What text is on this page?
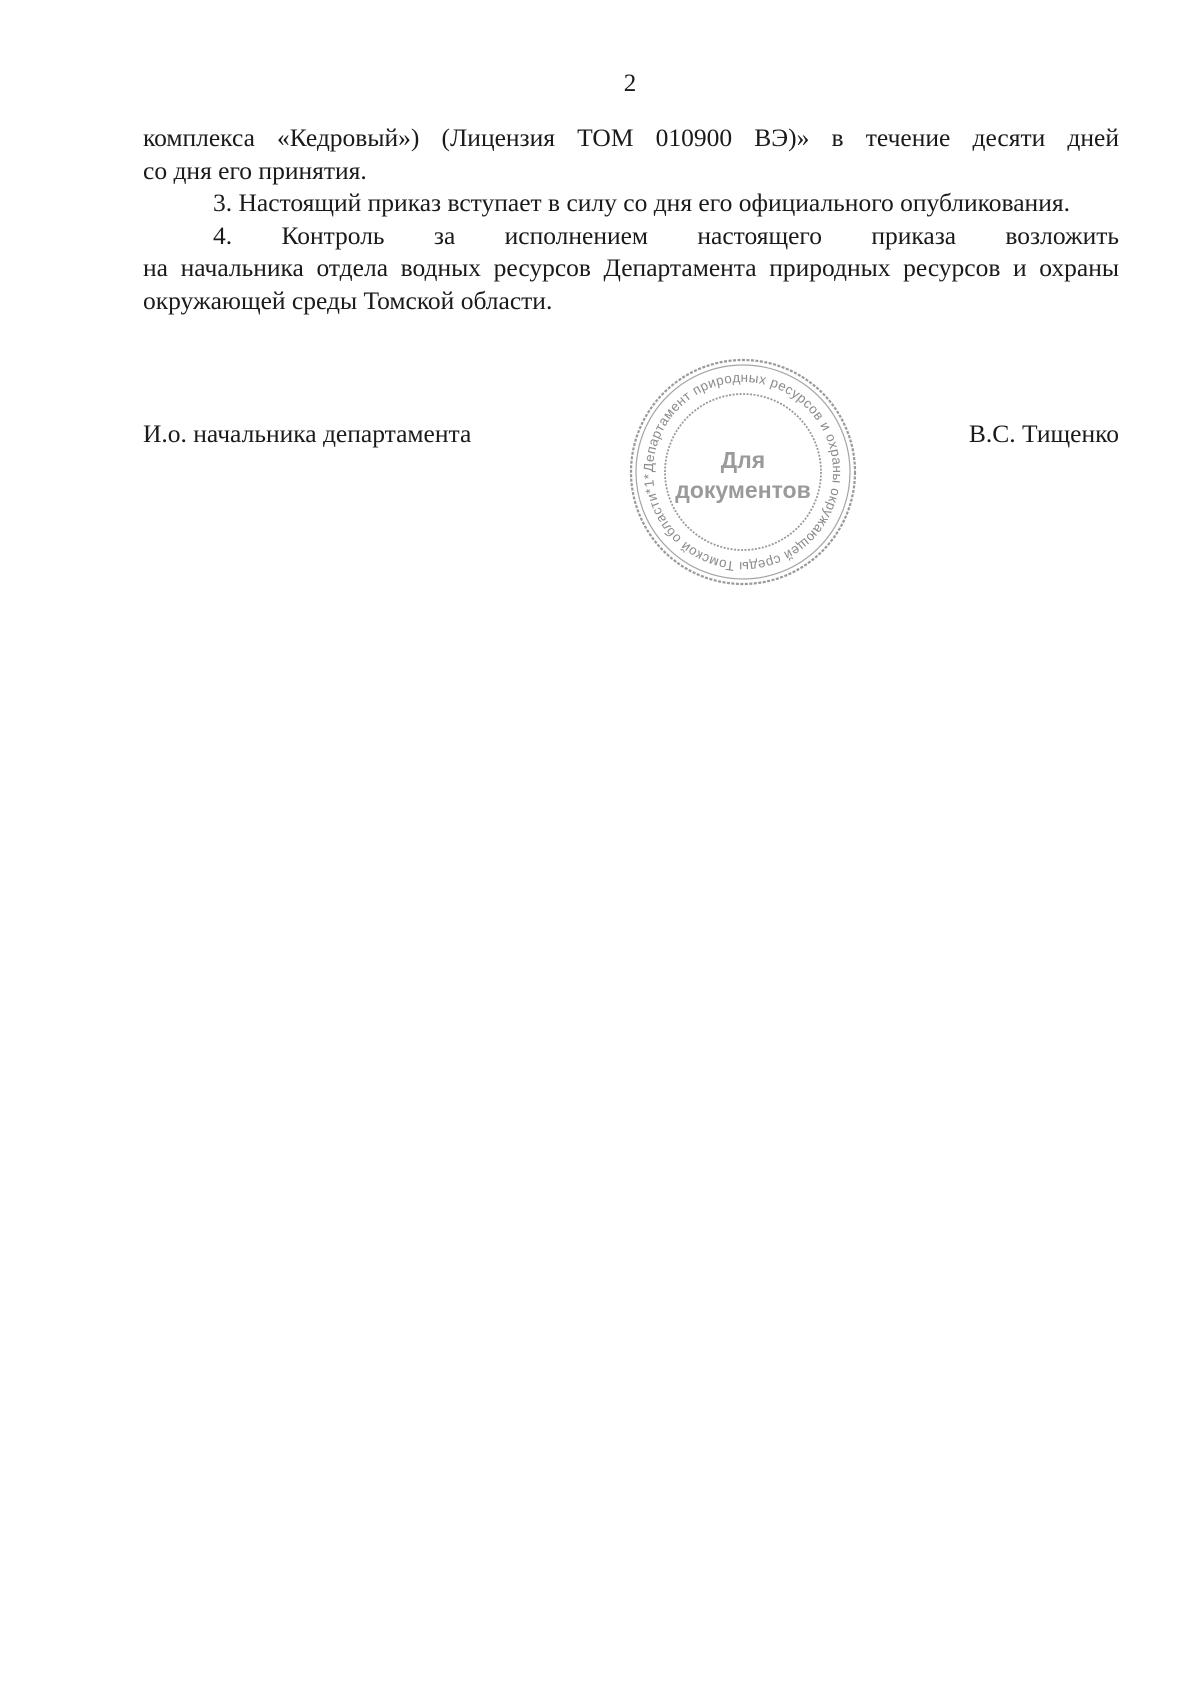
2

комплекса «Кедровый») (Лицензия ТОМ 010900 ВЭ)» в течение десяти дней

со дня его принятия.

3. Настоящий приказ вступает в силу со дня его официального опубликования.

4. Контроль за исполнением настоящего приказа возложить

на начальника отдела водных ресурсов Департамента природных ресурсов и охраны окружающей среды Томской области.

И.о. начальника департамента	В.С. Тищенко
Департамент природных ресурсов и охраны окружающей среды Томской области*1*
Для
документов
